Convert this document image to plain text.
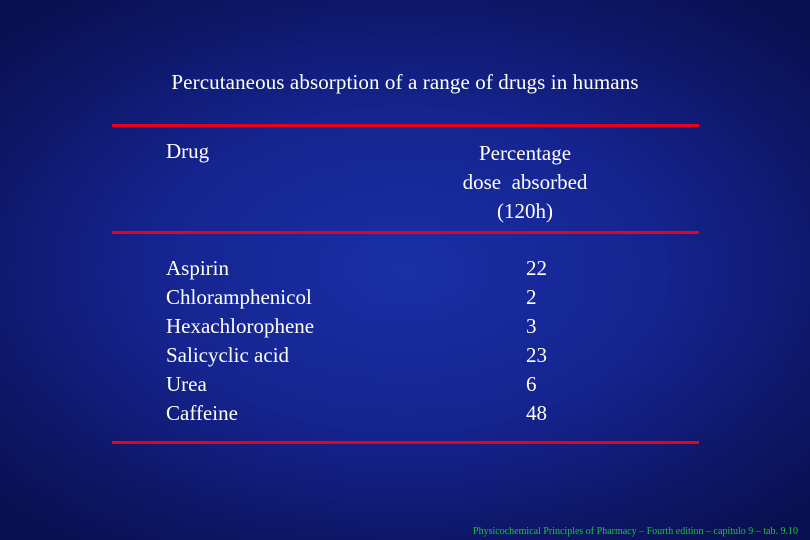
Percutaneous absorption of a range of drugs in humans
Drug	Percentage
dose  absorbed
(120h)
Aspirin
Chloramphenicol
Hexachlorophene
Salicyclic acid
Urea
Caffeine
22
2
3
23
6
48
Physicochemical Principles of Pharmacy – Fourth edition – capítulo 9 – tab. 9.10
